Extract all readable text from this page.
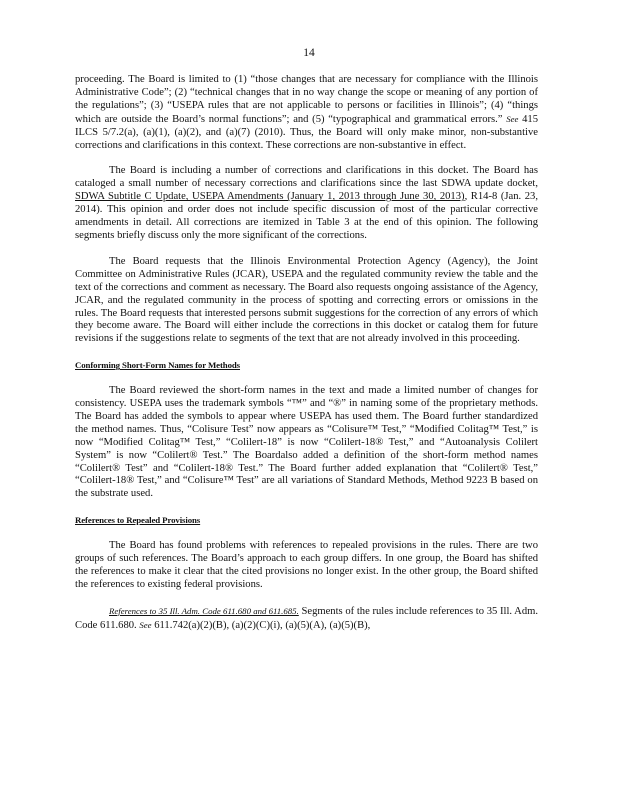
14

proceeding. The Board is limited to (1) “those changes that are necessary for compliance with the Illinois Administrative Code”; (2) “technical changes that in no way change the scope or meaning of any portion of the regulations”; (3) “USEPA rules that are not applicable to persons or facilities in Illinois”; (4) “things which are outside the Board’s normal functions”; and (5) “typographical and grammatical errors.” See 415 ILCS 5/7.2(a), (a)(1), (a)(2), and (a)(7) (2010). Thus, the Board will only make minor, non-substantive corrections and clarifications in this context. These corrections are non-substantive in effect.

The Board is including a number of corrections and clarifications in this docket. The Board has cataloged a small number of necessary corrections and clarifications since the last SDWA update docket, SDWA Subtitle C Update, USEPA Amendments (January 1, 2013 through June 30, 2013), R14-8 (Jan. 23, 2014). This opinion and order does not include specific discussion of most of the particular corrective amendments in detail. All corrections are itemized in Table 3 at the end of this opinion. The following segments briefly discuss only the more significant of the corrections.

The Board requests that the Illinois Environmental Protection Agency (Agency), the Joint Committee on Administrative Rules (JCAR), USEPA and the regulated community review the table and the text of the corrections and comment as necessary. The Board also requests ongoing assistance of the Agency, JCAR, and the regulated community in the process of spotting and correcting errors or omissions in the rules. The Board requests that interested persons submit suggestions for the correction of any errors of which they become aware. The Board will either include the corrections in this docket or catalog them for future revisions if the suggestions relate to segments of the text that are not already involved in this proceeding.

Conforming Short-Form Names for Methods

The Board reviewed the short-form names in the text and made a limited number of changes for consistency. USEPA uses the trademark symbols “™” and “®” in naming some of the proprietary methods. The Board has added the symbols to appear where USEPA has used them. The Board further standardized the method names. Thus, “Colisure Test” now appears as “Colisure™ Test,” “Modified Colitag™ Test,” is now “Modified Colitag™ Test,” “Colilert-18” is now “Colilert-18® Test,” and “Autoanalysis Colilert System” is now “Colilert® Test.” The Boardalso added a definition of the short-form method names “Colilert® Test” and “Colilert-18® Test.” The Board further added explanation that “Colilert® Test,” “Colilert-18® Test,” and “Colisure™ Test” are all variations of Standard Methods, Method 9223 B based on the substrate used.

References to Repealed Provisions

The Board has found problems with references to repealed provisions in the rules. There are two groups of such references. The Board’s approach to each group differs. In one group, the Board has shifted the references to make it clear that the cited provisions no longer exist. In the other group, the Board shifted the references to existing federal provisions.

References to 35 Ill. Adm. Code 611.680 and 611.685. Segments of the rules include references to 35 Ill. Adm. Code 611.680. See 611.742(a)(2)(B), (a)(2)(C)(i), (a)(5)(A), (a)(5)(B),
